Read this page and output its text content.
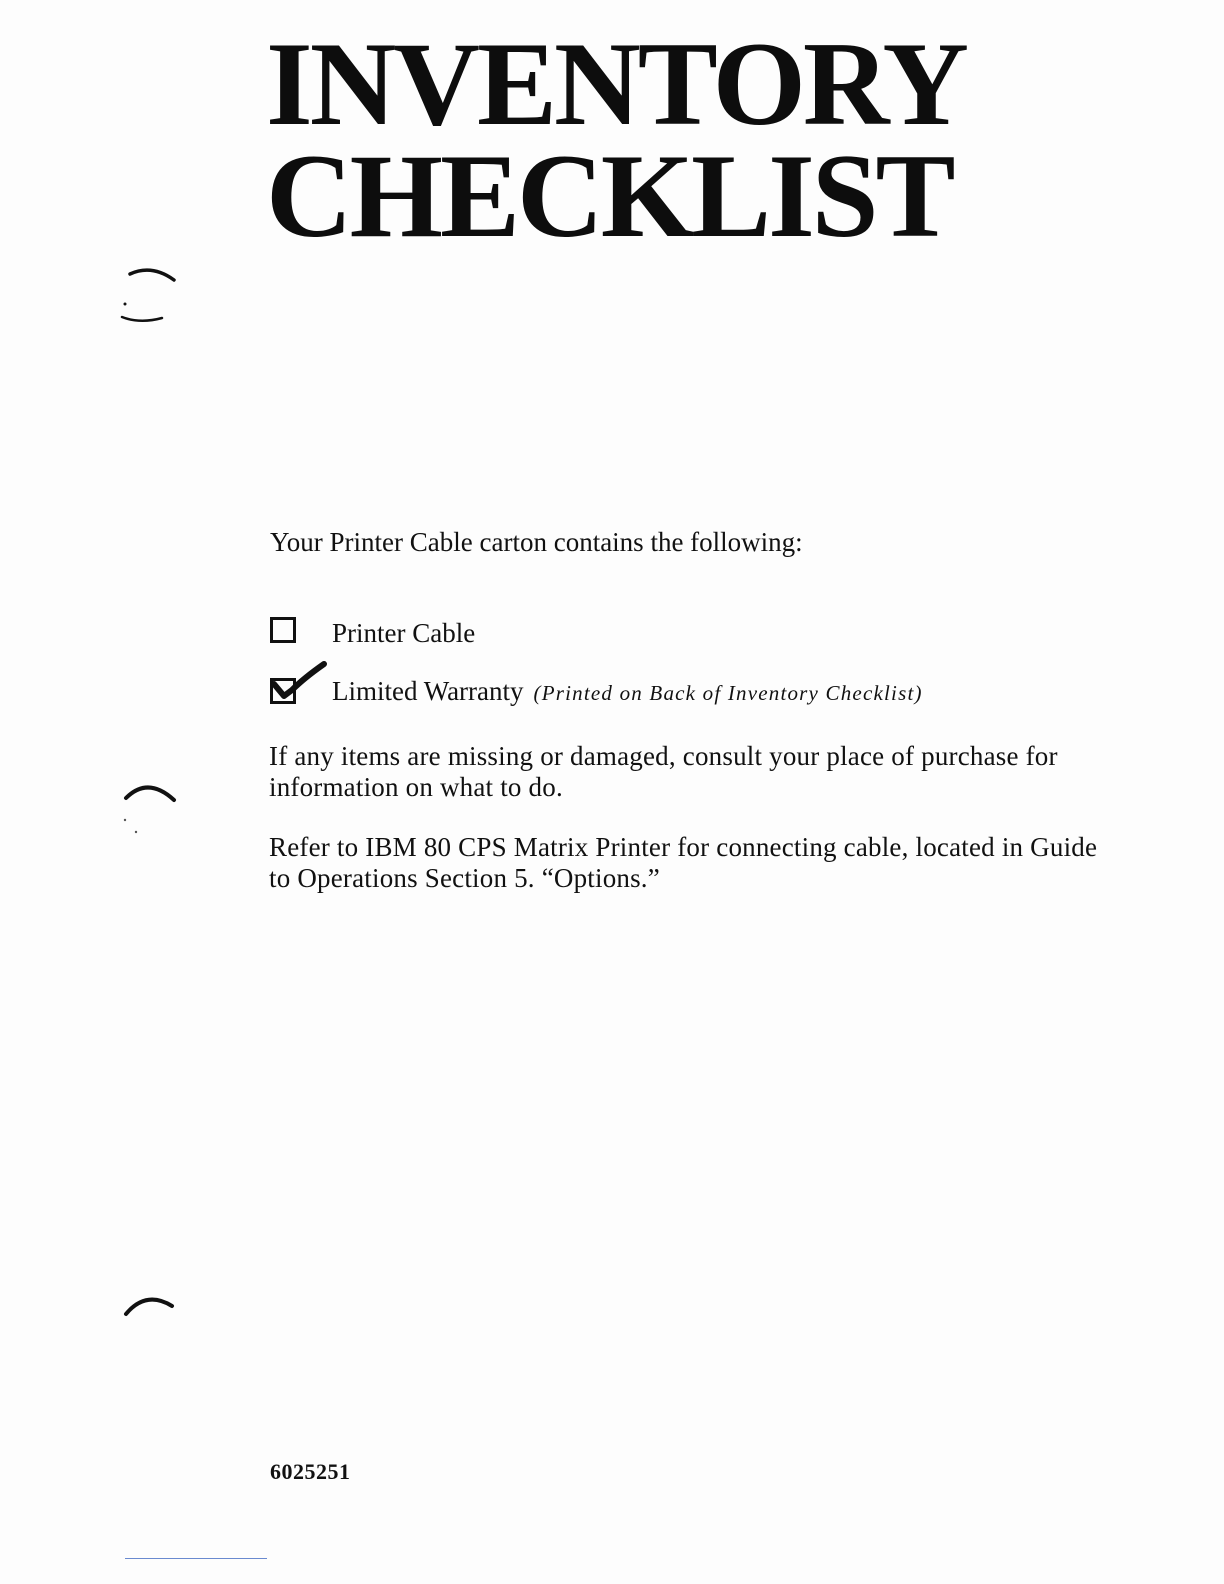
INVENTORY
CHECKLIST
Your Printer Cable carton contains the following:
Printer Cable
Limited Warranty (Printed on Back of Inventory Checklist)

If any items are missing or damaged, consult your place of purchase for information on what to do.

Refer to IBM 80 CPS Matrix Printer for connecting cable, located in Guide to Operations Section 5. “Options.”

6025251
